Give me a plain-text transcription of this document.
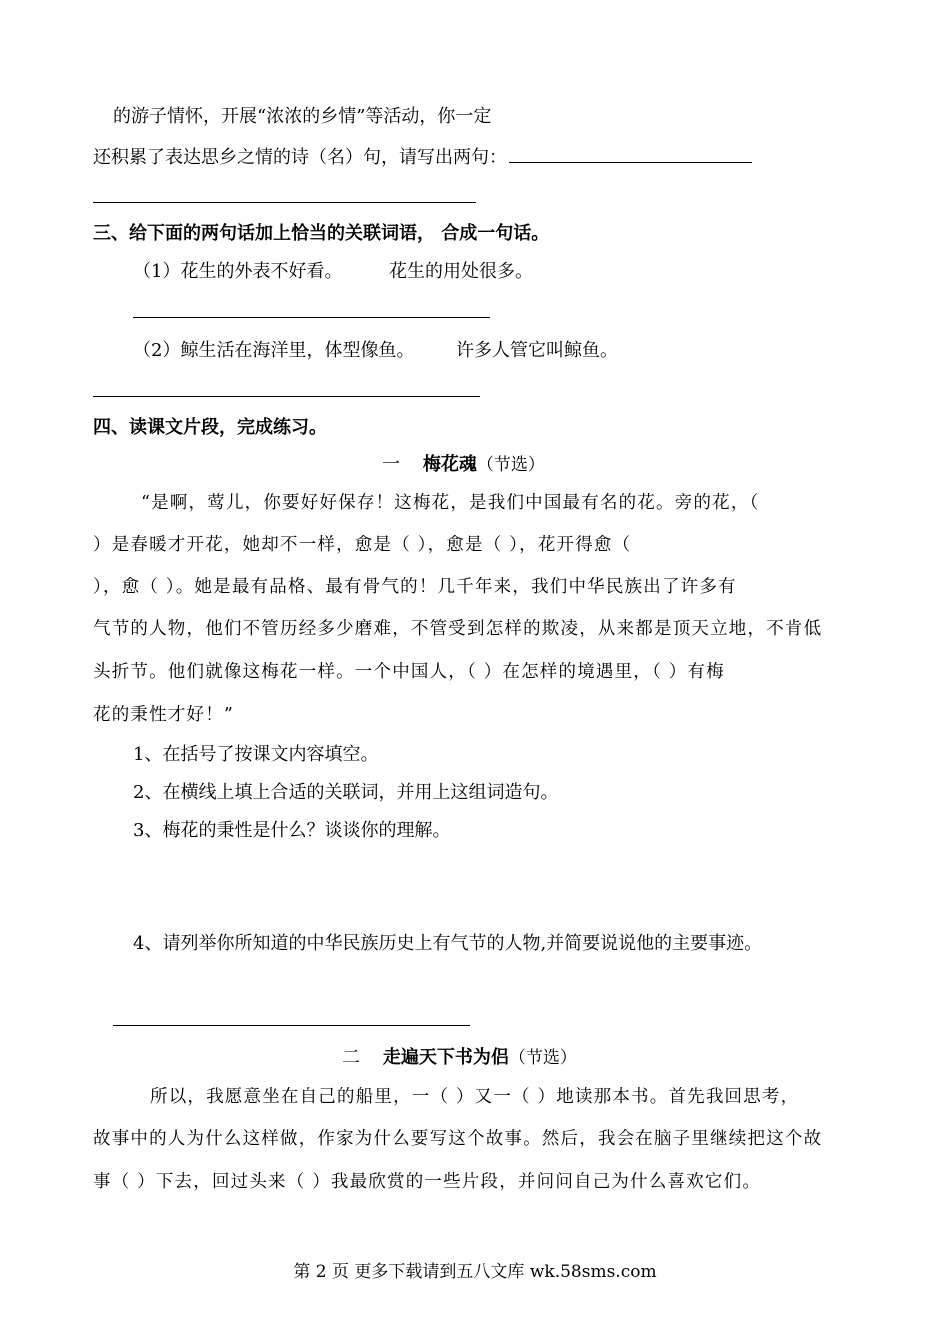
的游子情怀，开展“浓浓的乡情”等活动，你一定
还积累了表达思乡之情的诗（名）句，请写出两句：
三、给下面的两句话加上恰当的关联词语， 合成一句话。
（1）花生的外表不好看。	花生的用处很多。
（2）鲸生活在海洋里，体型像鱼。 许多人管它叫鲸鱼。
四、读课文片段，完成练习。
一 梅花魂（节选）
“是啊，莺儿，你要好好保存！这梅花，是我们中国最有名的花。旁的花，（
）是春暖才开花，她却不一样，愈是（ ），愈是（ ），花开得愈（
），愈（ ）。她是最有品格、最有骨气的！几千年来，我们中华民族出了许多有
气节的人物，他们不管历经多少磨难，不管受到怎样的欺凌，从来都是顶天立地，不肯低
头折节。他们就像这梅花一样。一个中国人，（ ）在怎样的境遇里，（ ）有梅
花的秉性才好！”
1、在括号了按课文内容填空。
2、在横线上填上合适的关联词，并用上这组词造句。
3、梅花的秉性是什么？谈谈你的理解。
4、请列举你所知道的中华民族历史上有气节的人物,并简要说说他的主要事迹。
二 走遍天下书为侣（节选）
所以，我愿意坐在自己的船里，一（ ）又一（ ）地读那本书。首先我回思考，
故事中的人为什么这样做，作家为什么要写这个故事。然后，我会在脑子里继续把这个故
事（ ）下去，回过头来（ ）我最欣赏的一些片段，并问问自己为什么喜欢它们。
第 2 页 更多下载请到五八文库 wk.58sms.com
